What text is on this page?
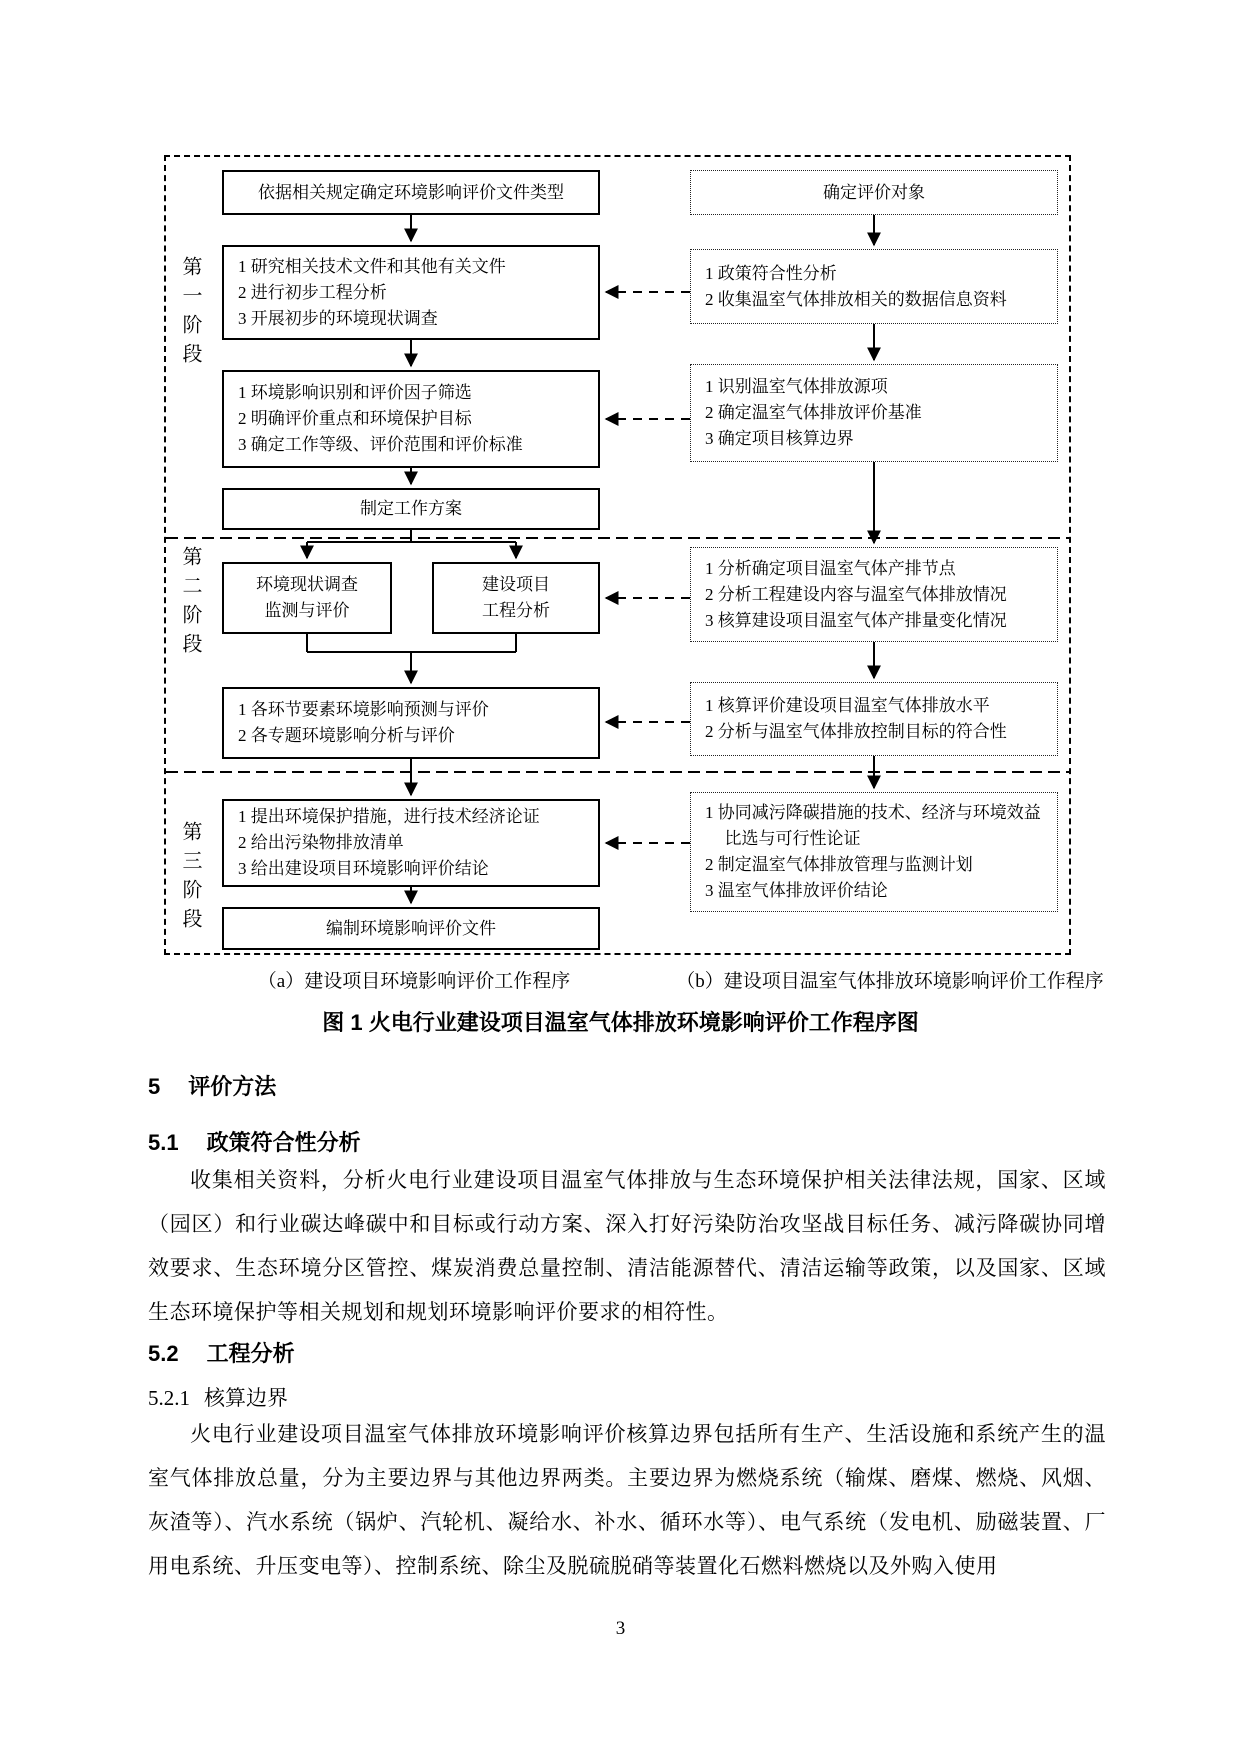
第一阶段
第二阶段
第三阶段
依据相关规定确定环境影响评价文件类型
1 研究相关技术文件和其他有关文件
2 进行初步工程分析
3 开展初步的环境现状调查
1 环境影响识别和评价因子筛选
2 明确评价重点和环境保护目标
3 确定工作等级、评价范围和评价标准
制定工作方案
环境现状调查
监测与评价
建设项目
工程分析
1 各环节要素环境影响预测与评价
2 各专题环境影响分析与评价
1 提出环境保护措施，进行技术经济论证
2 给出污染物排放清单
3 给出建设项目环境影响评价结论
编制环境影响评价文件
确定评价对象
1 政策符合性分析
2 收集温室气体排放相关的数据信息资料
1 识别温室气体排放源项
2 确定温室气体排放评价基准
3 确定项目核算边界
1 分析确定项目温室气体产排节点
2 分析工程建设内容与温室气体排放情况
3 核算建设项目温室气体产排量变化情况
1 核算评价建设项目温室气体排放水平
2 分析与温室气体排放控制目标的符合性
1 协同减污降碳措施的技术、经济与环境效益比选与可行性论证
2 制定温室气体排放管理与监测计划
3 温室气体排放评价结论
（a）建设项目环境影响评价工作程序	（b）建设项目温室气体排放环境影响评价工作程序
图 1 火电行业建设项目温室气体排放环境影响评价工作程序图
5 评价方法
5.1 政策符合性分析

收集相关资料，分析火电行业建设项目温室气体排放与生态环境保护相关法律法规，国家、区域（园区）和行业碳达峰碳中和目标或行动方案、深入打好污染防治攻坚战目标任务、减污降碳协同增效要求、生态环境分区管控、煤炭消费总量控制、清洁能源替代、清洁运输等政策，以及国家、区域生态环境保护等相关规划和规划环境影响评价要求的相符性。

5.2 工程分析
5.2.1 核算边界

火电行业建设项目温室气体排放环境影响评价核算边界包括所有生产、生活设施和系统产生的温室气体排放总量，分为主要边界与其他边界两类。主要边界为燃烧系统（输煤、磨煤、燃烧、风烟、灰渣等）、汽水系统（锅炉、汽轮机、凝给水、补水、循环水等）、电气系统（发电机、励磁装置、厂用电系统、升压变电等）、控制系统、除尘及脱硫脱硝等装置化石燃料燃烧以及外购入使用

3
